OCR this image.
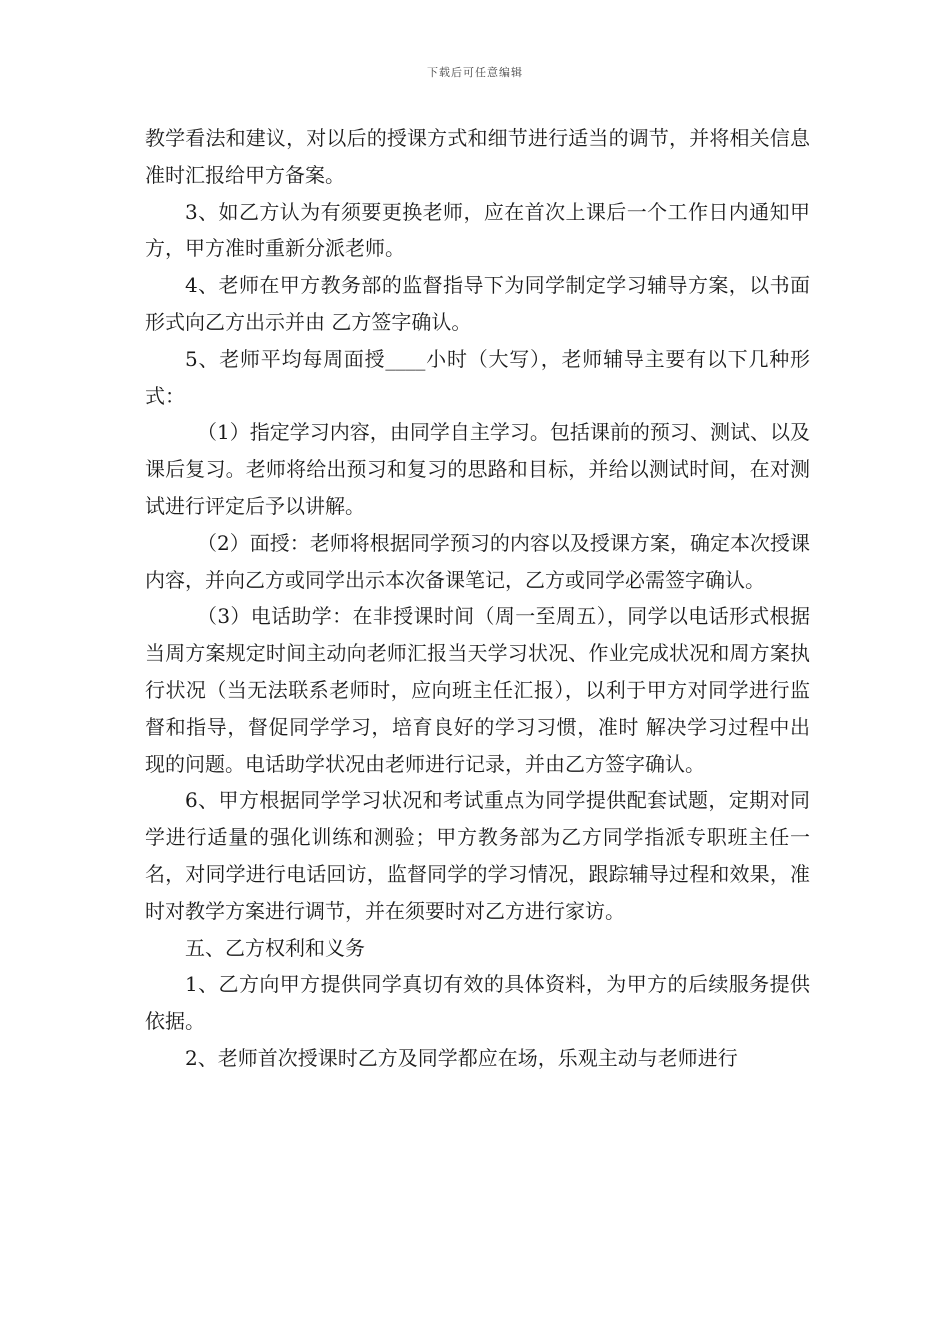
下载后可任意编辑

教学看法和建议，对以后的授课方式和细节进行适当的调节，并将相关信息准时汇报给甲方备案。

3、如乙方认为有须要更换老师，应在首次上课后一个工作日内通知甲方，甲方准时重新分派老师。

4、老师在甲方教务部的监督指导下为同学制定学习辅导方案，以书面形式向乙方出示并由 乙方签字确认。

5、老师平均每周面授____小时（大写），老师辅导主要有以下几种形式：

（1）指定学习内容，由同学自主学习。包括课前的预习、测试、以及课后复习。老师将给出预习和复习的思路和目标，并给以测试时间，在对测试进行评定后予以讲解。

（2）面授：老师将根据同学预习的内容以及授课方案，确定本次授课内容，并向乙方或同学出示本次备课笔记，乙方或同学必需签字确认。

（3）电话助学：在非授课时间（周一至周五），同学以电话形式根据当周方案规定时间主动向老师汇报当天学习状况、作业完成状况和周方案执行状况（当无法联系老师时，应向班主任汇报），以利于甲方对同学进行监督和指导，督促同学学习，培育良好的学习习惯，准时 解决学习过程中出现的问题。电话助学状况由老师进行记录，并由乙方签字确认。

6、甲方根据同学学习状况和考试重点为同学提供配套试题，定期对同学进行适量的强化训练和测验；甲方教务部为乙方同学指派专职班主任一名，对同学进行电话回访，监督同学的学习情况，跟踪辅导过程和效果，准时对教学方案进行调节，并在须要时对乙方进行家访。

五、乙方权利和义务

1、乙方向甲方提供同学真切有效的具体资料，为甲方的后续服务提供依据。

2、老师首次授课时乙方及同学都应在场，乐观主动与老师进行
